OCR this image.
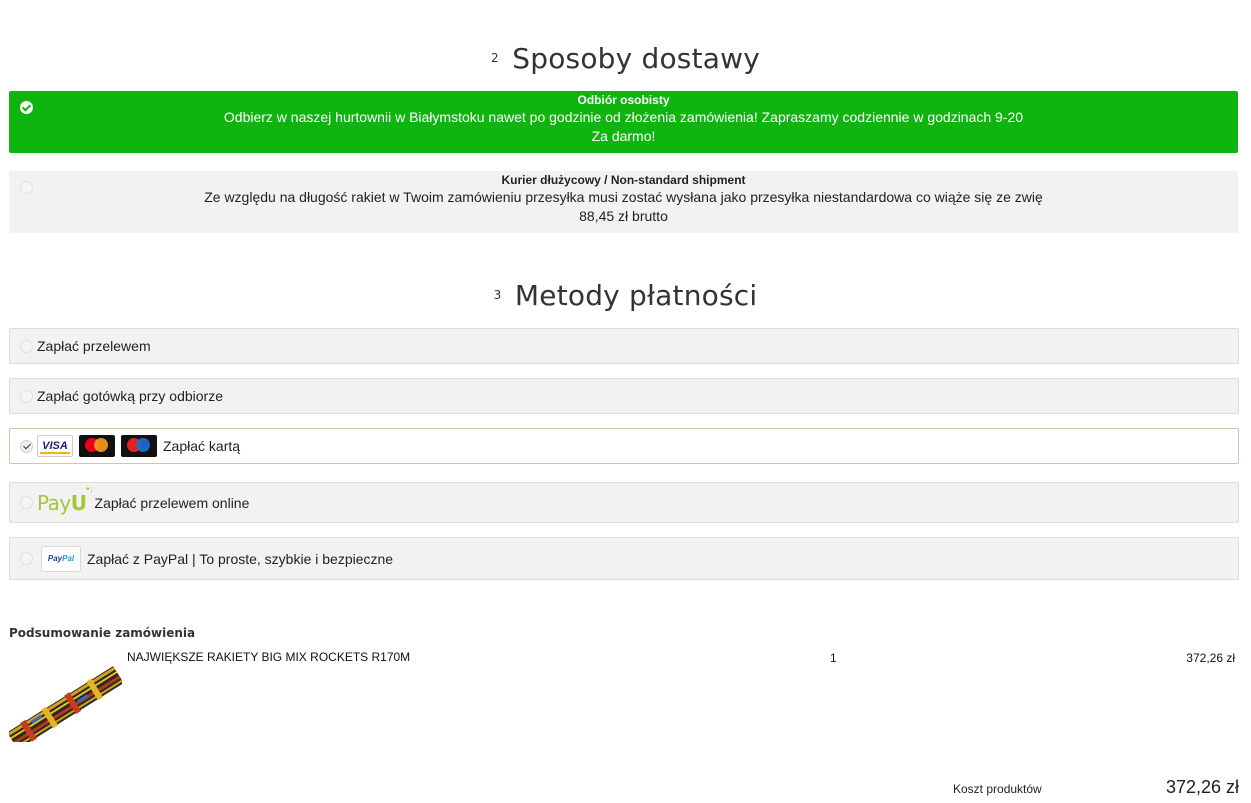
2 Sposoby dostawy
Odbiór osobisty
Odbierz w naszej hurtownii w Białymstoku nawet po godzinie od złożenia zamówienia! Zapraszamy codziennie w godzinach 9-20
Za darmo!
Kurier dłużycowy / Non-standard shipment
Ze względu na długość rakiet w Twoim zamówieniu przesyłka musi zostać wysłana jako przesyłka niestandardowa co wiąże się ze zwię
88,45 zł brutto
3 Metody płatności
Zapłać przelewem
Zapłać gotówką przy odbiorze
VISA	Zapłać kartą
PayU
•:
Zapłać przelewem online
Pay Pal Zapłać z PayPal | To proste, szybkie i bezpieczne
Podsumowanie zamówienia
NAJWIĘKSZE RAKIETY BIG MIX ROCKETS R170M	1	372,26 zł
Koszt produktów	372,26 zł
